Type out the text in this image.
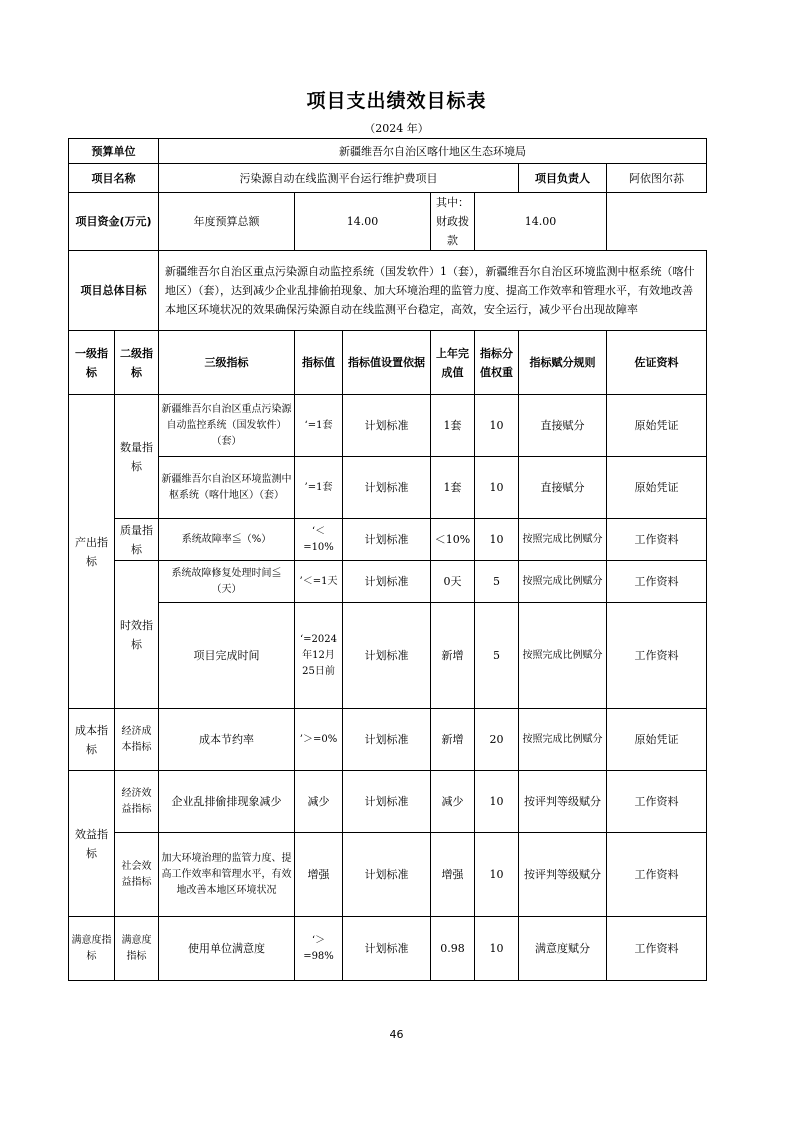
项目支出绩效目标表
（2024 年）
预算单位		新疆维吾尔自治区喀什地区生态环境局						
项目名称		污染源自动在线监测平台运行维护费项目					项目负责人	阿依图尔荪
项目资金(万元)		年度预算总额	14.00		其中：财政拨款	14.00	
项目总体目标		新疆维吾尔自治区重点污染源自动监控系统（国发软件）1（套），新疆维吾尔自治区环境监测中枢系统（喀什地区）（套），达到减少企业乱排偷拍现象、加大环境治理的监管力度、提高工作效率和管理水平，有效地改善本地区环境状况的效果确保污染源自动在线监测平台稳定，高效，安全运行，减少平台出现故障率						
一级指标	二级指标	三级指标	指标值	指标值设置依据	上年完成值	指标分值权重	指标赋分规则	佐证资料
产出指标	数量指标	新疆维吾尔自治区重点污染源自动监控系统（国发软件）（套）	‘=1套	计划标准	1套	10	直接赋分	原始凭证
		新疆维吾尔自治区环境监测中枢系统（喀什地区）（套）	’=1套	计划标准	1套	10	直接赋分	原始凭证
	质量指标	系统故障率≦（%）	‘＜=10%	计划标准	＜10%	10	按照完成比例赋分	工作资料
	时效指标	系统故障修复处理时间≦（天）	’＜=1天	计划标准	0天	5	按照完成比例赋分	工作资料
		项目完成时间	‘=2024年12月25日前	计划标准	新增	5	按照完成比例赋分	工作资料
成本指标	经济成本指标	成本节约率	’＞=0%	计划标准	新增	20	按照完成比例赋分	原始凭证
效益指标	经济效益指标	企业乱排偷排现象减少	减少	计划标准	减少	10	按评判等级赋分	工作资料
	社会效益指标	加大环境治理的监管力度、提高工作效率和管理水平，有效地改善本地区环境状况	增强	计划标准	增强	10	按评判等级赋分	工作资料
满意度指标	满意度指标	使用单位满意度	‘＞=98%	计划标准	0.98	10	满意度赋分	工作资料
46
